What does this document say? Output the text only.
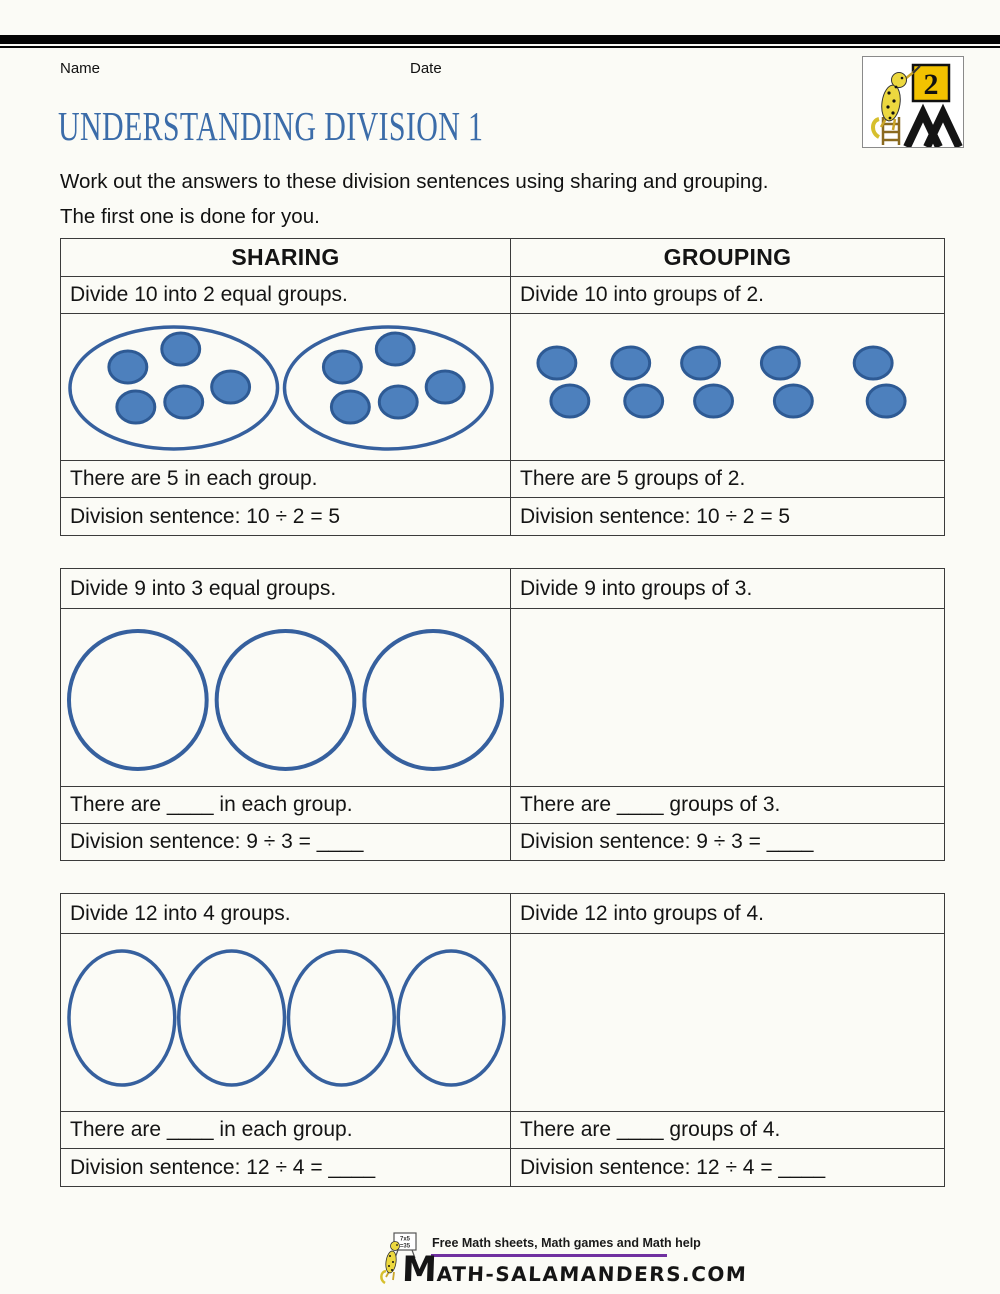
Name	Date	2
UNDERSTANDING DIVISION 1
Work out the answers to these division sentences using sharing and grouping.
The first one is done for you.
SHARING	GROUPING
Divide 10 into 2 equal groups.	Divide 10 into groups of 2.

There are 5 in each group.	There are 5 groups of 2.
Division sentence: 10 ÷ 2 = 5	Division sentence: 10 ÷ 2 = 5
Divide 9 into 3 equal groups.	Divide 9 into groups of 3.

There are ____ in each group.	There are ____ groups of 3.
Division sentence: 9 ÷ 3 = ____	Division sentence: 9 ÷ 3 = ____
Divide 12 into 4 groups.	Divide 12 into groups of 4.

There are ____ in each group.	There are ____ groups of 4.
Division sentence: 12 ÷ 4 = ____	Division sentence: 12 ÷ 4 = ____
7x5
=35 Free Math sheets, Math games and Math help
MATH-SALAMANDERS.COM
